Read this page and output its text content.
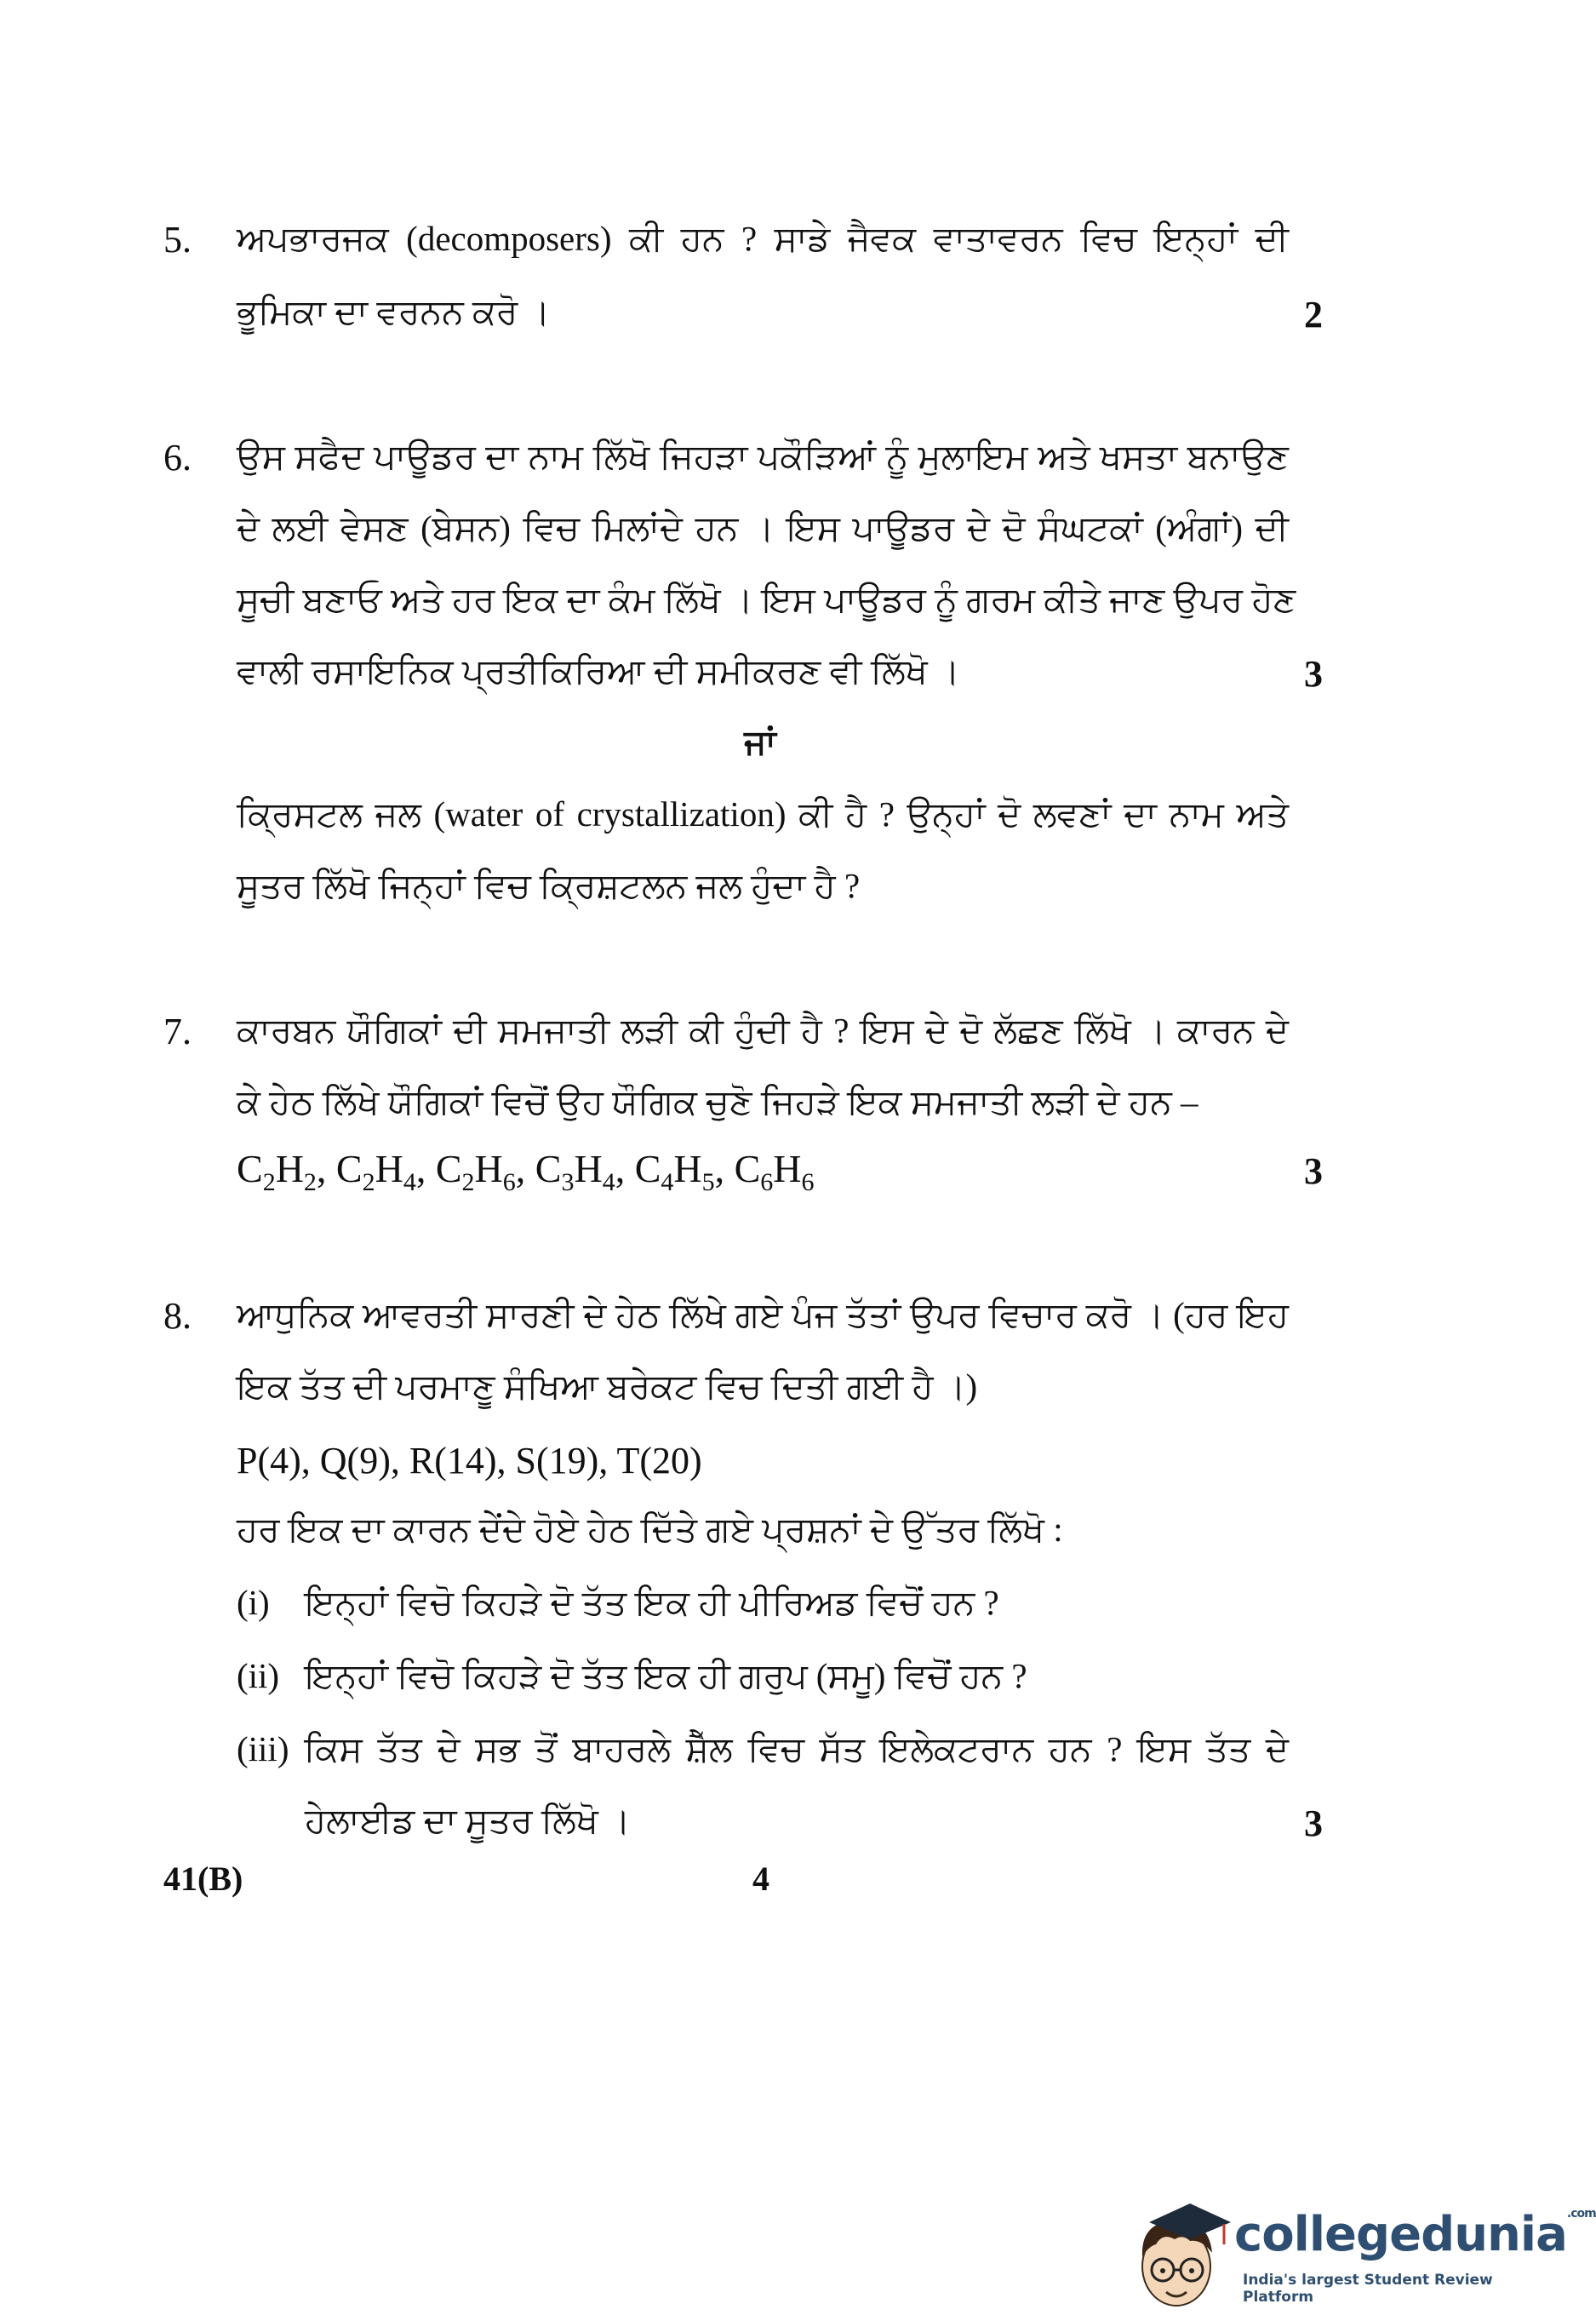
5. ਅਪਭਾਰਜਕ (decomposers) ਕੀ ਹਨ ? ਸਾਡੇ ਜੈਵਕ ਵਾਤਾਵਰਨ ਵਿਚ ਇਨ੍ਹਾਂ ਦੀ
ਭੂਮਿਕਾ ਦਾ ਵਰਨਨ ਕਰੋ ।	2
6. ਉਸ ਸਫੈਦ ਪਾਊਡਰ ਦਾ ਨਾਮ ਲਿੱਖੋ ਜਿਹੜਾ ਪਕੌੜਿਆਂ ਨੂੰ ਮੁਲਾਇਮ ਅਤੇ ਖਸਤਾ ਬਨਾਉਣ
ਦੇ ਲਈ ਵੇਸਣ (ਬੇਸਨ) ਵਿਚ ਮਿਲਾਂਦੇ ਹਨ । ਇਸ ਪਾਊਡਰ ਦੇ ਦੋ ਸੰਘਟਕਾਂ (ਅੰਗਾਂ) ਦੀ
ਸੂਚੀ ਬਣਾਓ ਅਤੇ ਹਰ ਇਕ ਦਾ ਕੰਮ ਲਿੱਖੋ । ਇਸ ਪਾਊਡਰ ਨੂੰ ਗਰਮ ਕੀਤੇ ਜਾਣ ਉਪਰ ਹੋਣ
ਵਾਲੀ ਰਸਾਇਨਿਕ ਪ੍ਰਤੀਕਿਰਿਆ ਦੀ ਸਮੀਕਰਣ ਵੀ ਲਿੱਖੋ ।	3
ਜਾਂ
ਕ੍ਰਿਸਟਲ ਜਲ (water of crystallization) ਕੀ ਹੈ ? ਉਨ੍ਹਾਂ ਦੋ ਲਵਣਾਂ ਦਾ ਨਾਮ ਅਤੇ
ਸੂਤਰ ਲਿੱਖੋ ਜਿਨ੍ਹਾਂ ਵਿਚ ਕ੍ਰਿਸ਼ਟਲਨ ਜਲ ਹੁੰਦਾ ਹੈ ?
7. ਕਾਰਬਨ ਯੌਗਿਕਾਂ ਦੀ ਸਮਜਾਤੀ ਲੜੀ ਕੀ ਹੁੰਦੀ ਹੈ ? ਇਸ ਦੇ ਦੋ ਲੱਛਣ ਲਿੱਖੋ । ਕਾਰਨ ਦੇ
ਕੇ ਹੇਠ ਲਿੱਖੇ ਯੌਗਿਕਾਂ ਵਿਚੋਂ ਉਹ ਯੌਗਿਕ ਚੁਣੋ ਜਿਹੜੇ ਇਕ ਸਮਜਾਤੀ ਲੜੀ ਦੇ ਹਨ –
$C_2H_2$, $C_2H_4$, $C_2H_6$, $C_3H_4$, $C_4H_5$, $C_6H_6$	3
8. ਆਧੁਨਿਕ ਆਵਰਤੀ ਸਾਰਣੀ ਦੇ ਹੇਠ ਲਿੱਖੇ ਗਏ ਪੰਜ ਤੱਤਾਂ ਉਪਰ ਵਿਚਾਰ ਕਰੋ । (ਹਰ ਇਹ
ਇਕ ਤੱਤ ਦੀ ਪਰਮਾਣੂ ਸੰਖਿਆ ਬਰੇਕਟ ਵਿਚ ਦਿਤੀ ਗਈ ਹੈ ।)
P(4), Q(9), R(14), S(19), T(20)
ਹਰ ਇਕ ਦਾ ਕਾਰਨ ਦੇਂਦੇ ਹੋਏ ਹੇਠ ਦਿੱਤੇ ਗਏ ਪ੍ਰਸ਼ਨਾਂ ਦੇ ਉੱਤਰ ਲਿੱਖੋ :
(i) ਇਨ੍ਹਾਂ ਵਿਚੋ ਕਿਹੜੇ ਦੋ ਤੱਤ ਇਕ ਹੀ ਪੀਰਿਅਡ ਵਿਚੋਂ ਹਨ ?
(ii) ਇਨ੍ਹਾਂ ਵਿਚੋ ਕਿਹੜੇ ਦੋ ਤੱਤ ਇਕ ਹੀ ਗਰੁਪ (ਸਮੂ) ਵਿਚੋਂ ਹਨ ?
(iii) ਕਿਸ ਤੱਤ ਦੇ ਸਭ ਤੋਂ ਬਾਹਰਲੇ ਸ਼ੈੱਲ ਵਿਚ ਸੱਤ ਇਲੇਕਟਰਾਨ ਹਨ ? ਇਸ ਤੱਤ ਦੇ
ਹੇਲਾਈਡ ਦਾ ਸੂਤਰ ਲਿੱਖੋ ।	3
41(B)	4
collegedunia$^{.com}$
India's largest Student Review Platform
